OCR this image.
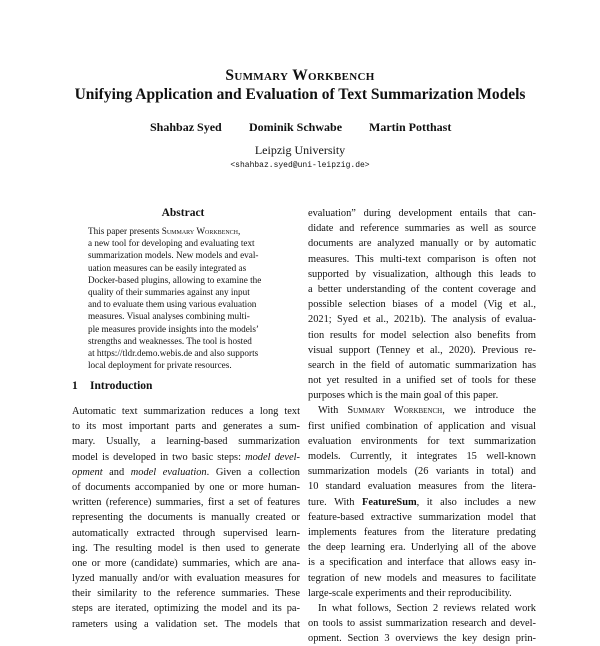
Summary Workbench
Unifying Application and Evaluation of Text Summarization Models
Shahbaz Syed Dominik Schwabe Martin Potthast
Leipzig University
<shahbaz.syed@uni-leipzig.de>
Abstract
This paper presents Summary Workbench,
a new tool for developing and evaluating text
summarization models. New models and eval-
uation measures can be easily integrated as
Docker-based plugins, allowing to examine the
quality of their summaries against any input
and to evaluate them using various evaluation
measures. Visual analyses combining multi-
ple measures provide insights into the models’
strengths and weaknesses. The tool is hosted
at https://tldr.demo.webis.de and also supports
local deployment for private resources.
1 Introduction
Automatic text summarization reduces a long text
to its most important parts and generates a sum-
mary. Usually, a learning-based summarization
model is developed in two basic steps: model devel-
opment and model evaluation. Given a collection
of documents accompanied by one or more human-
written (reference) summaries, first a set of features
representing the documents is manually created or
automatically extracted through supervised learn-
ing. The resulting model is then used to generate
one or more (candidate) summaries, which are ana-
lyzed manually and/or with evaluation measures for
their similarity to the reference summaries. These
steps are iterated, optimizing the model and its pa-
rameters using a validation set. The models that
evaluation” during development entails that can-
didate and reference summaries as well as source
documents are analyzed manually or by automatic
measures. This multi-text comparison is often not
supported by visualization, although this leads to
a better understanding of the content coverage and
possible selection biases of a model (Vig et al.,
2021; Syed et al., 2021b). The analysis of evalua-
tion results for model selection also benefits from
visual support (Tenney et al., 2020). Previous re-
search in the field of automatic summarization has
not yet resulted in a unified set of tools for these
purposes which is the main goal of this paper.
With Summary Workbench, we introduce the
first unified combination of application and visual
evaluation environments for text summarization
models. Currently, it integrates 15 well-known
summarization models (26 variants in total) and
10 standard evaluation measures from the litera-
ture. With FeatureSum, it also includes a new
feature-based extractive summarization model that
implements features from the literature predating
the deep learning era. Underlying all of the above
is a specification and interface that allows easy in-
tegration of new models and measures to facilitate
large-scale experiments and their reproducibility.
In what follows, Section 2 reviews related work
on tools to assist summarization research and devel-
opment. Section 3 overviews the key design prin-
